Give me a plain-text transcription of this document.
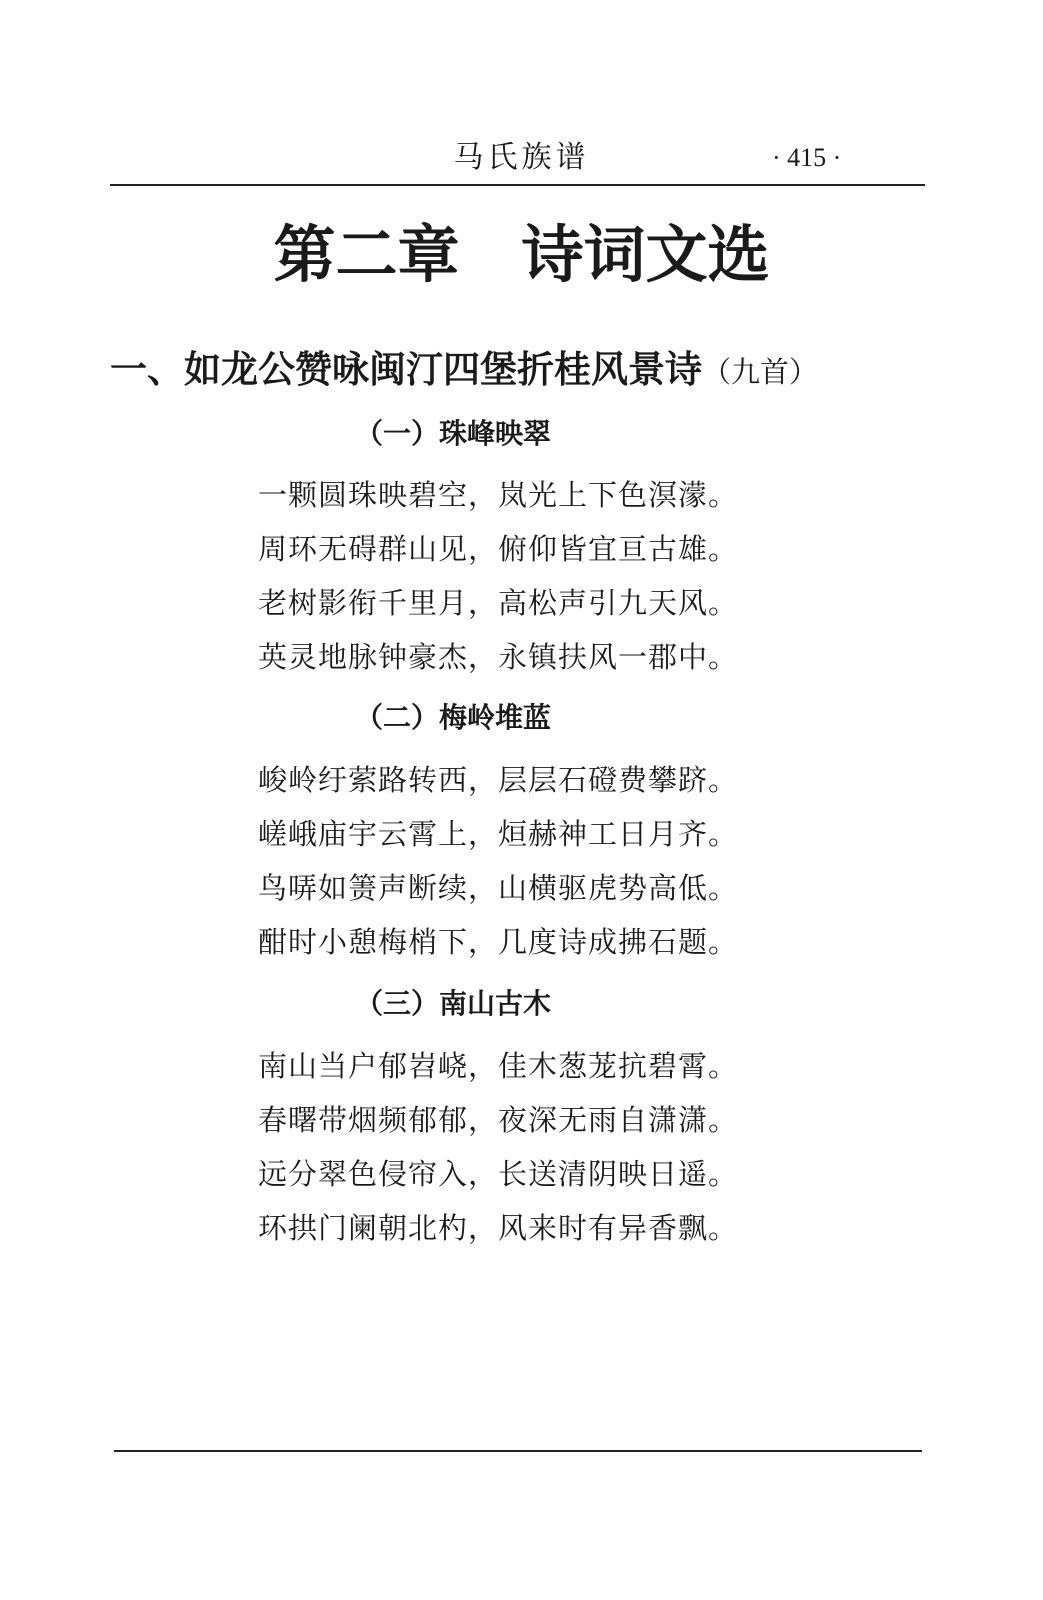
马氏族谱	· 415 ·
第二章 诗词文选
一、如龙公赞咏闽汀四堡折桂风景诗（九首）
（一）珠峰映翠
一颗圆珠映碧空，岚光上下色溟濛。
周环无碍群山见，俯仰皆宜亘古雄。
老树影衔千里月，高松声引九天风。
英灵地脉钟豪杰，永镇扶风一郡中。
（二）梅岭堆蓝
峻岭纡萦路转西，层层石磴费攀跻。
嵯峨庙宇云霄上，烜赫神工日月齐。
鸟哢如箦声断续，山横驱虎势高低。
酣时小憩梅梢下，几度诗成拂石题。
（三）南山古木
南山当户郁岧峣，佳木葱茏抗碧霄。
春曙带烟频郁郁，夜深无雨自潇潇。
远分翠色侵帘入，长送清阴映日遥。
环拱门阑朝北杓，风来时有异香飘。
